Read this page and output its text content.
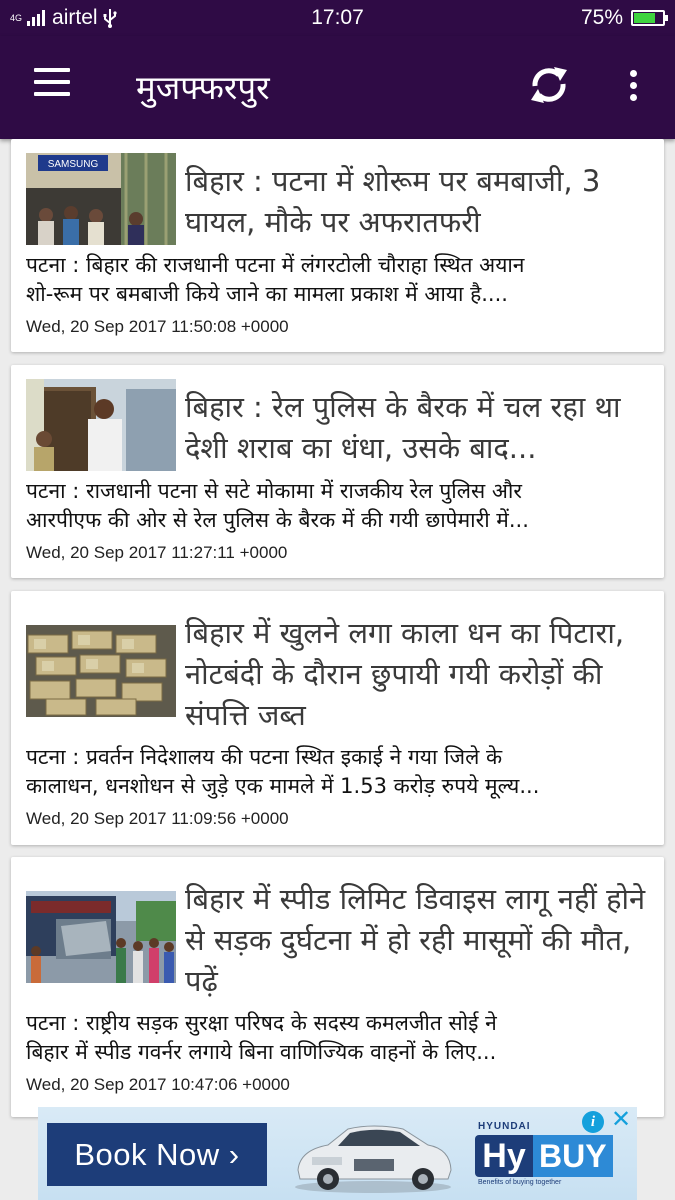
4G airtel	17:07	75%
मुजफ्फरपुर
SAMSUNG	बिहार : पटना में शोरूम पर बमबाजी, 3 घायल, मौके पर अफरातफरी
पटना : बिहार की राजधानी पटना में लंगरटोली चौराहा स्थित अयान
शो-रूम पर बमबाजी किये जाने का मामला प्रकाश में आया है....
Wed, 20 Sep 2017 11:50:08 +0000
बिहार : रेल पुलिस के बैरक में चल रहा था देशी शराब का धंधा, उसके बाद...
पटना : राजधानी पटना से सटे मोकामा में राजकीय रेल पुलिस और
आरपीएफ की ओर से रेल पुलिस के बैरक में की गयी छापेमारी में...
Wed, 20 Sep 2017 11:27:11 +0000
बिहार में खुलने लगा काला धन का पिटारा, नोटबंदी के दौरान छुपायी गयी करोड़ों की संपत्ति जब्त
पटना : प्रवर्तन निदेशालय की पटना स्थित इकाई ने गया जिले के
कालाधन, धनशोधन से जुड़े एक मामले में 1.53 करोड़ रुपये मूल्य...
Wed, 20 Sep 2017 11:09:56 +0000
बिहार में स्पीड लिमिट डिवाइस लागू नहीं होने से सड़क दुर्घटना में हो रही मासूमों की मौत, पढ़ें
पटना : राष्ट्रीय सड़क सुरक्षा परिषद के सदस्य कमलजीत सोई ने
बिहार में स्पीड गवर्नर लगाये बिना वाणिज्यिक वाहनों के लिए...
Wed, 20 Sep 2017 10:47:06 +0000
Book Now ›
HYUNDAI
Hy BUY
Benefits of buying together
i ✕
